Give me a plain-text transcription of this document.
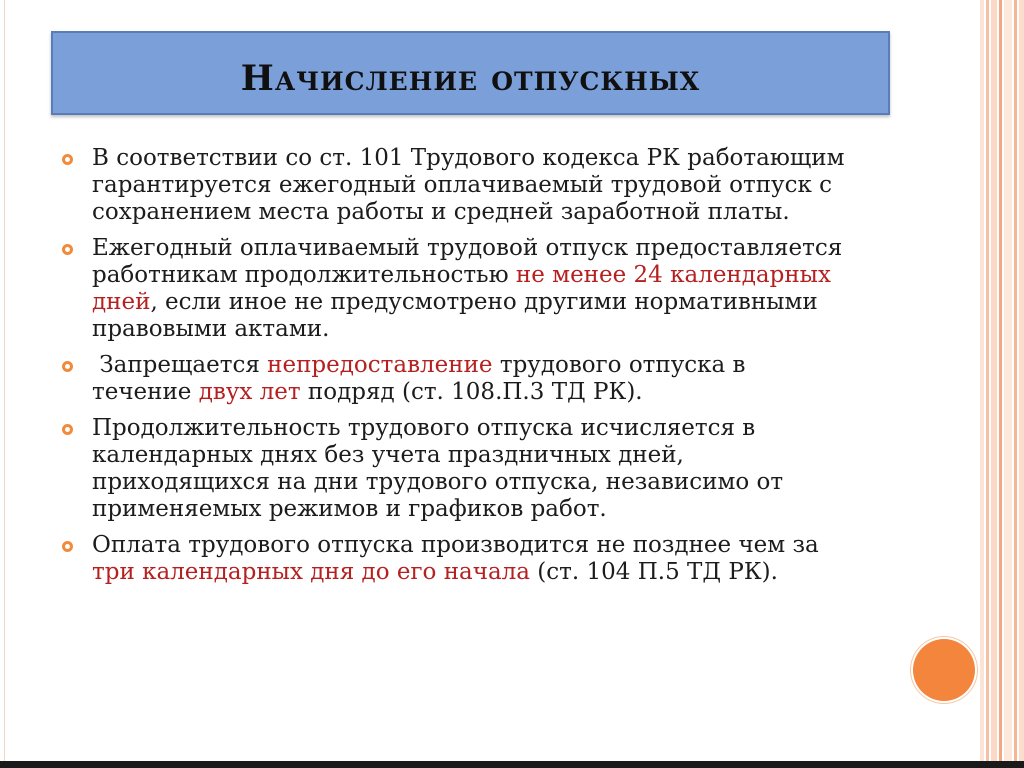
Начисление отпускных
В соответствии со ст. 101 Трудового кодекса РК работающим гарантируется ежегодный оплачиваемый трудовой отпуск с сохранением места работы и средней заработной платы.
Ежегодный оплачиваемый трудовой отпуск предоставляется работникам продолжительностью не менее 24 календарных дней, если иное не предусмотрено другими нормативными правовыми актами.
Запрещается непредоставление трудового отпуска в течение двух лет подряд (ст. 108.П.3 ТД РК).
Продолжительность трудового отпуска исчисляется в календарных днях без учета праздничных дней, приходящихся на дни трудового отпуска, независимо от применяемых режимов и графиков работ.
Оплата трудового отпуска производится не позднее чем за три календарных дня до его начала (ст. 104 П.5 ТД РК).
